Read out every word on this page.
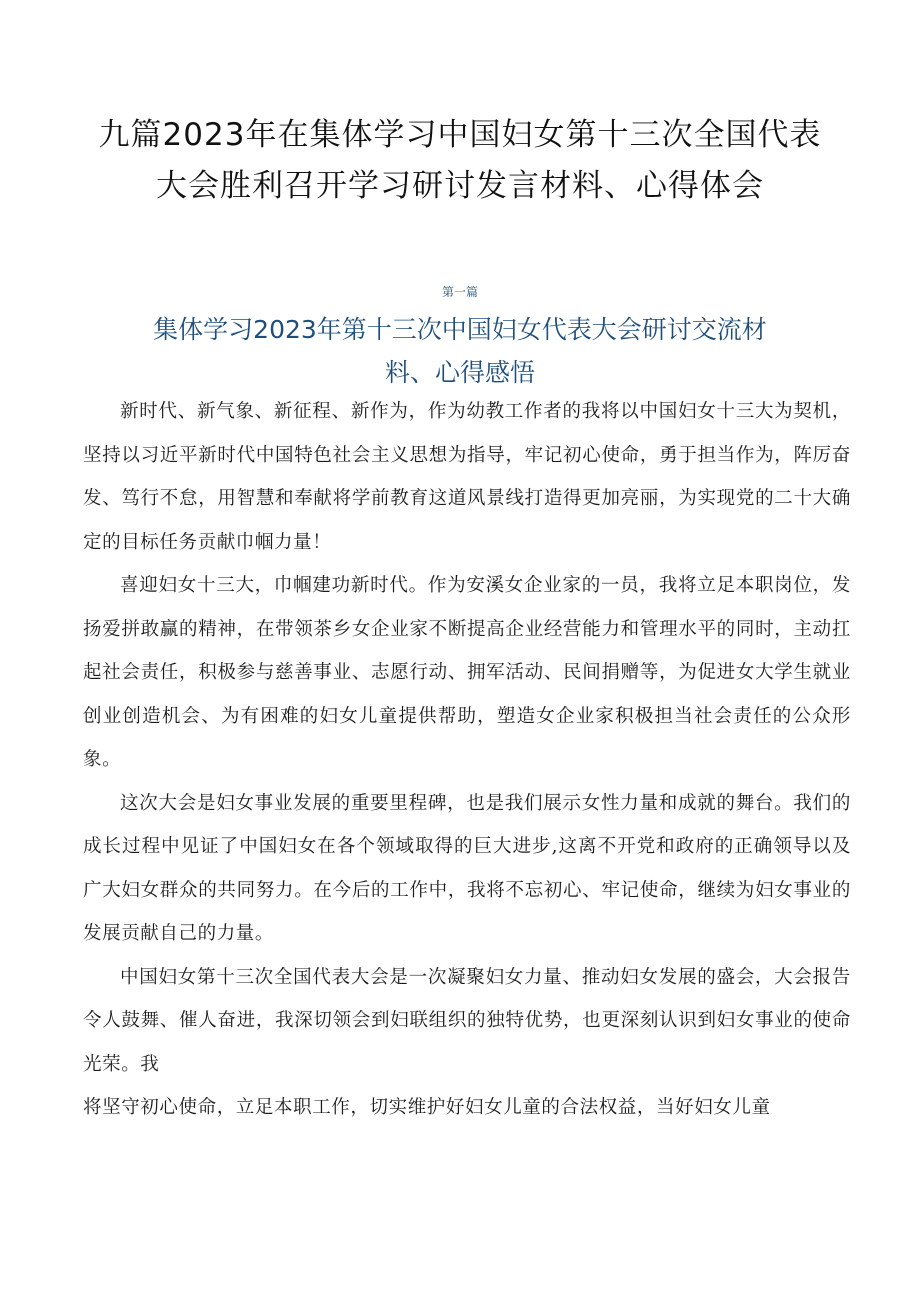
九篇2023年在集体学习中国妇女第十三次全国代表
大会胜利召开学习研讨发言材料、心得体会
第一篇
集体学习2023年第十三次中国妇女代表大会研讨交流材
料、心得感悟

新时代、新气象、新征程、新作为，作为幼教工作者的我将以中国妇女十三大为契机，坚持以习近平新时代中国特色社会主义思想为指导，牢记初心使命，勇于担当作为，阵厉奋发、笃行不怠，用智慧和奉献将学前教育这道风景线打造得更加亮丽，为实现党的二十大确定的目标任务贡献巾帼力量！

喜迎妇女十三大，巾帼建功新时代。作为安溪女企业家的一员，我将立足本职岗位，发扬爱拼敢赢的精神，在带领茶乡女企业家不断提高企业经营能力和管理水平的同时，主动扛起社会责任，积极参与慈善事业、志愿行动、拥军活动、民间捐赠等，为促进女大学生就业创业创造机会、为有困难的妇女儿童提供帮助，塑造女企业家积极担当社会责任的公众形象。

这次大会是妇女事业发展的重要里程碑，也是我们展示女性力量和成就的舞台。我们的成长过程中见证了中国妇女在各个领域取得的巨大进步,这离不开党和政府的正确领导以及广大妇女群众的共同努力。在今后的工作中，我将不忘初心、牢记使命，继续为妇女事业的发展贡献自己的力量。

中国妇女第十三次全国代表大会是一次凝聚妇女力量、推动妇女发展的盛会，大会报告令人鼓舞、催人奋进，我深切领会到妇联组织的独特优势，也更深刻认识到妇女事业的使命光荣。我

将坚守初心使命，立足本职工作，切实维护好妇女儿童的合法权益，当好妇女儿童
